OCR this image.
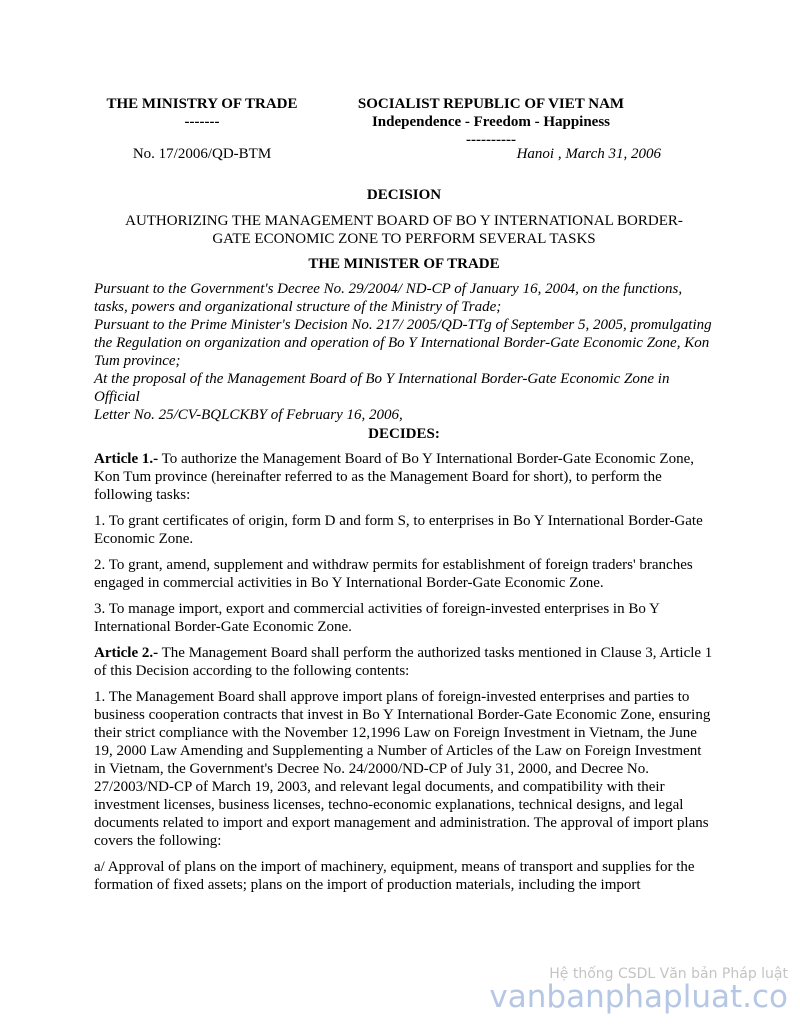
THE MINISTRY OF TRADE	SOCIALIST REPUBLIC OF VIET NAM
-------	Independence - Freedom - Happiness
----------
No. 17/2006/QD-BTM	Hanoi , March 31, 2006
DECISION
AUTHORIZING THE MANAGEMENT BOARD OF BO Y INTERNATIONAL BORDER-
GATE ECONOMIC ZONE TO PERFORM SEVERAL TASKS
THE MINISTER OF TRADE

Pursuant to the Government's Decree No. 29/2004/ ND-CP of January 16, 2004, on the functions, tasks, powers and organizational structure of the Ministry of Trade;

Pursuant to the Prime Minister's Decision No. 217/ 2005/QD-TTg of September 5, 2005, promulgating the Regulation on organization and operation of Bo Y International Border-Gate Economic Zone, Kon Tum province;

At the proposal of the Management Board of Bo Y International Border-Gate Economic Zone in Official

Letter No. 25/CV-BQLCKBY of February 16, 2006,

DECIDES:

Article 1.- To authorize the Management Board of Bo Y International Border-Gate Economic Zone, Kon Tum province (hereinafter referred to as the Management Board for short), to perform the following tasks:

1. To grant certificates of origin, form D and form S, to enterprises in Bo Y International Border-Gate Economic Zone.

2. To grant, amend, supplement and withdraw permits for establishment of foreign traders' branches engaged in commercial activities in Bo Y International Border-Gate Economic Zone.

3. To manage import, export and commercial activities of foreign-invested enterprises in Bo Y International Border-Gate Economic Zone.

Article 2.- The Management Board shall perform the authorized tasks mentioned in Clause 3, Article 1 of this Decision according to the following contents:

1. The Management Board shall approve import plans of foreign-invested enterprises and parties to business cooperation contracts that invest in Bo Y International Border-Gate Economic Zone, ensuring their strict compliance with the November 12,1996 Law on Foreign Investment in Vietnam, the June 19, 2000 Law Amending and Supplementing a Number of Articles of the Law on Foreign Investment in Vietnam, the Government's Decree No. 24/2000/ND-CP of July 31, 2000, and Decree No. 27/2003/ND-CP of March 19, 2003, and relevant legal documents, and compatibility with their investment licenses, business licenses, techno-economic explanations, technical designs, and legal documents related to import and export management and administration. The approval of import plans covers the following:

a/ Approval of plans on the import of machinery, equipment, means of transport and supplies for the formation of fixed assets; plans on the import of production materials, including the import

Hệ thống CSDL Văn bản Pháp luật
vanbanphapluat.co
